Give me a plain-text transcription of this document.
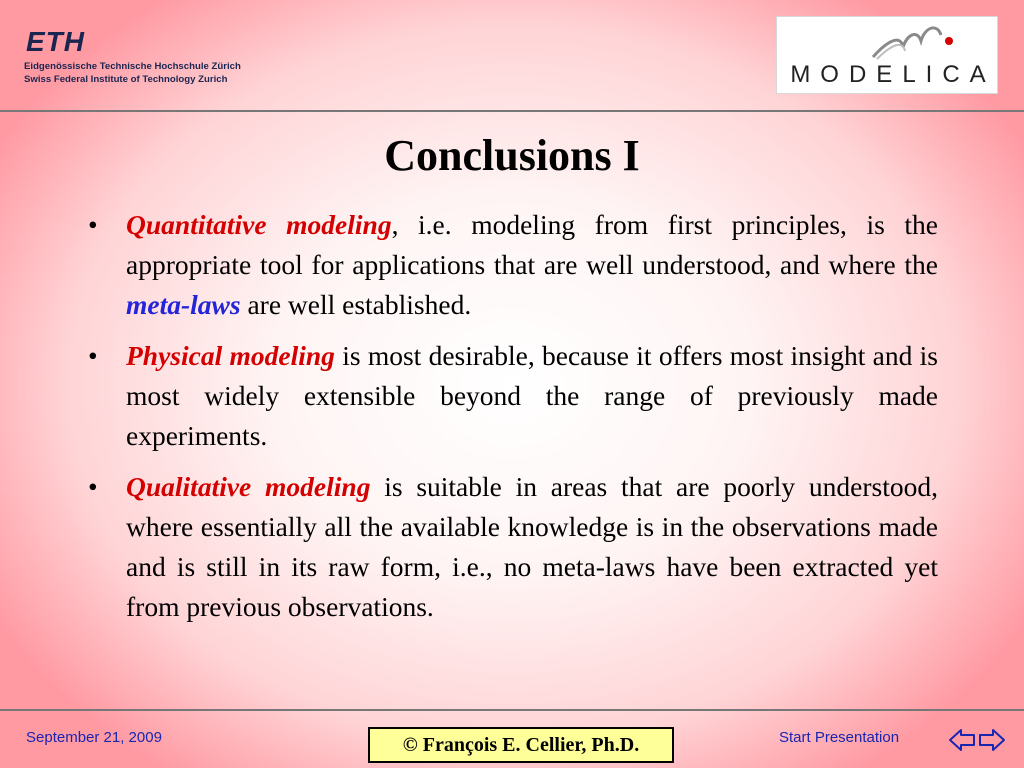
ETH
Eidgenössische Technische Hochschule Zürich
Swiss Federal Institute of Technology Zurich	MODELICA
Conclusions I
• Quantitative modeling, i.e. modeling from first principles, is the appropriate tool for applications that are well understood, and where the meta-laws are well established.
• Physical modeling is most desirable, because it offers most insight and is most widely extensible beyond the range of previously made experiments.
• Qualitative modeling is suitable in areas that are poorly understood, where essentially all the available knowledge is in the observations made and is still in its raw form, i.e., no meta-laws have been extracted yet from previous observations.
September 21, 2009	© François E. Cellier, Ph.D.	Start Presentation
